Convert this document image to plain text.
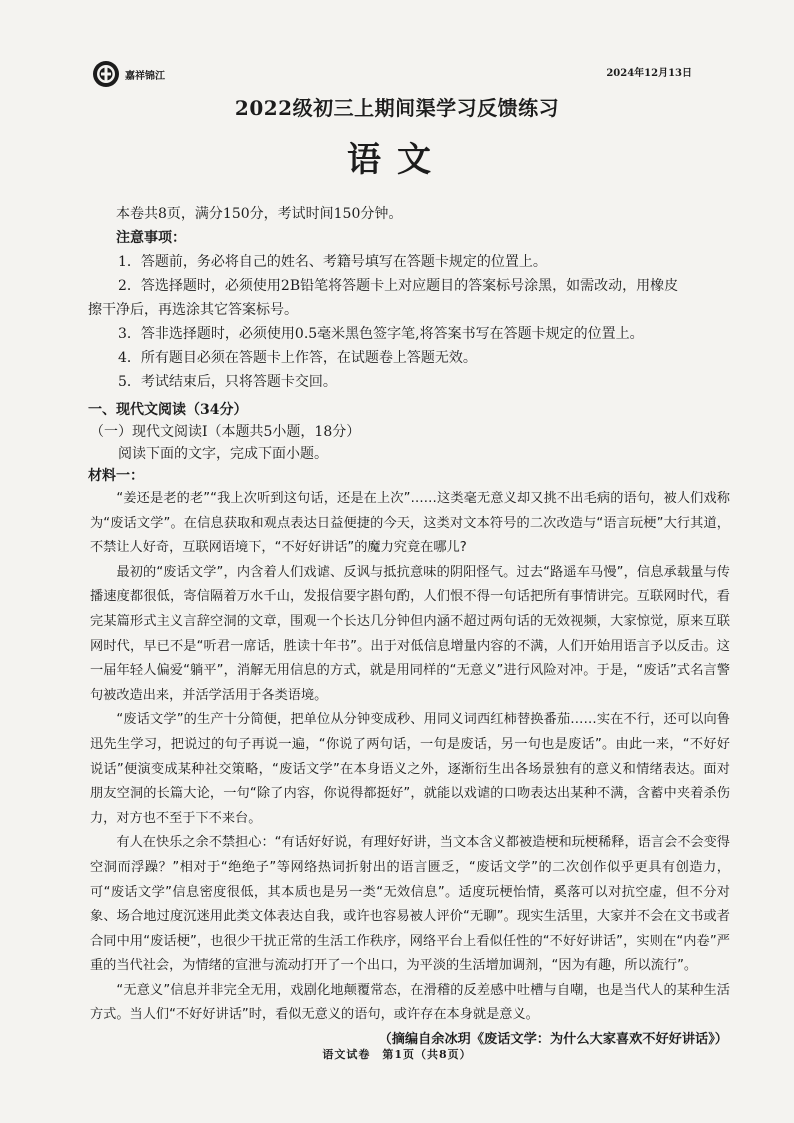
嘉祥锦江	2024年12月13日
2022级初三上期间渠学习反馈练习
语文
本卷共8页，满分150分，考试时间150分钟。
注意事项：
1．答题前，务必将自己的姓名、考籍号填写在答题卡规定的位置上。
2．答选择题时，必须使用2B铅笔将答题卡上对应题目的答案标号涂黑，如需改动，用橡皮
擦干净后，再选涂其它答案标号。
3．答非选择题时，必须使用0.5毫米黑色签字笔,将答案书写在答题卡规定的位置上。
4．所有题目必须在答题卡上作答，在试题卷上答题无效。
5．考试结束后，只将答题卡交回。
一、现代文阅读（34分）
（一）现代文阅读Ⅰ（本题共5小题，18分）
阅读下面的文字，完成下面小题。
材料一：

“姜还是老的老”“我上次听到这句话，还是在上次”……这类毫无意义却又挑不出毛病的语句，被人们戏称为“废话文学”。在信息获取和观点表达日益便捷的今天，这类对文本符号的二次改造与“语言玩梗”大行其道，不禁让人好奇，互联网语境下，“不好好讲话”的魔力究竟在哪儿?

最初的“废话文学”，内含着人们戏谑、反讽与抵抗意味的阴阳怪气。过去“路遥车马慢”，信息承载量与传播速度都很低，寄信隔着万水千山，发报信要字斟句酌，人们恨不得一句话把所有事情讲完。互联网时代，看完某篇形式主义言辞空洞的文章，围观一个长达几分钟但内涵不超过两句话的无效视频，大家惊觉，原来互联网时代，早已不是“听君一席话，胜读十年书”。出于对低信息增量内容的不满，人们开始用语言予以反击。这一届年轻人偏爱“躺平”，消解无用信息的方式，就是用同样的“无意义”进行风险对冲。于是，“废话”式名言警句被改造出来，并活学活用于各类语境。

“废话文学”的生产十分简便，把单位从分钟变成秒、用同义词西红柿替换番茄……实在不行，还可以向鲁迅先生学习，把说过的句子再说一遍，“你说了两句话，一句是废话，另一句也是废话”。由此一来，“不好好说话”便演变成某种社交策略，“废话文学”在本身语义之外，逐渐衍生出各场景独有的意义和情绪表达。面对朋友空洞的长篇大论，一句“除了内容，你说得都挺好”，就能以戏谑的口吻表达出某种不满，含蓄中夹着杀伤力，对方也不至于下不来台。

有人在快乐之余不禁担心：“有话好好说，有理好好讲，当文本含义都被造梗和玩梗稀释，语言会不会变得空洞而浮躁？”相对于“绝绝子”等网络热词折射出的语言匮乏，“废话文学”的二次创作似乎更具有创造力，可“废话文学”信息密度很低，其本质也是另一类“无效信息”。适度玩梗怡情，奚落可以对抗空虚，但不分对象、场合地过度沉迷用此类文体表达自我，或许也容易被人评价“无聊”。现实生活里，大家并不会在文书或者合同中用“废话梗”，也很少干扰正常的生活工作秩序，网络平台上看似任性的“不好好讲话”，实则在“内卷”严重的当代社会，为情绪的宣泄与流动打开了一个出口，为平淡的生活增加调剂，“因为有趣，所以流行”。

“无意义”信息并非完全无用，戏剧化地颠覆常态，在滑稽的反差感中吐槽与自嘲，也是当代人的某种生活方式。当人们“不好好讲话”时，看似无意义的语句，或许存在本身就是意义。

（摘编自余冰玥《废话文学：为什么大家喜欢不好好讲话》）

语文试卷　第1页（共8页）
